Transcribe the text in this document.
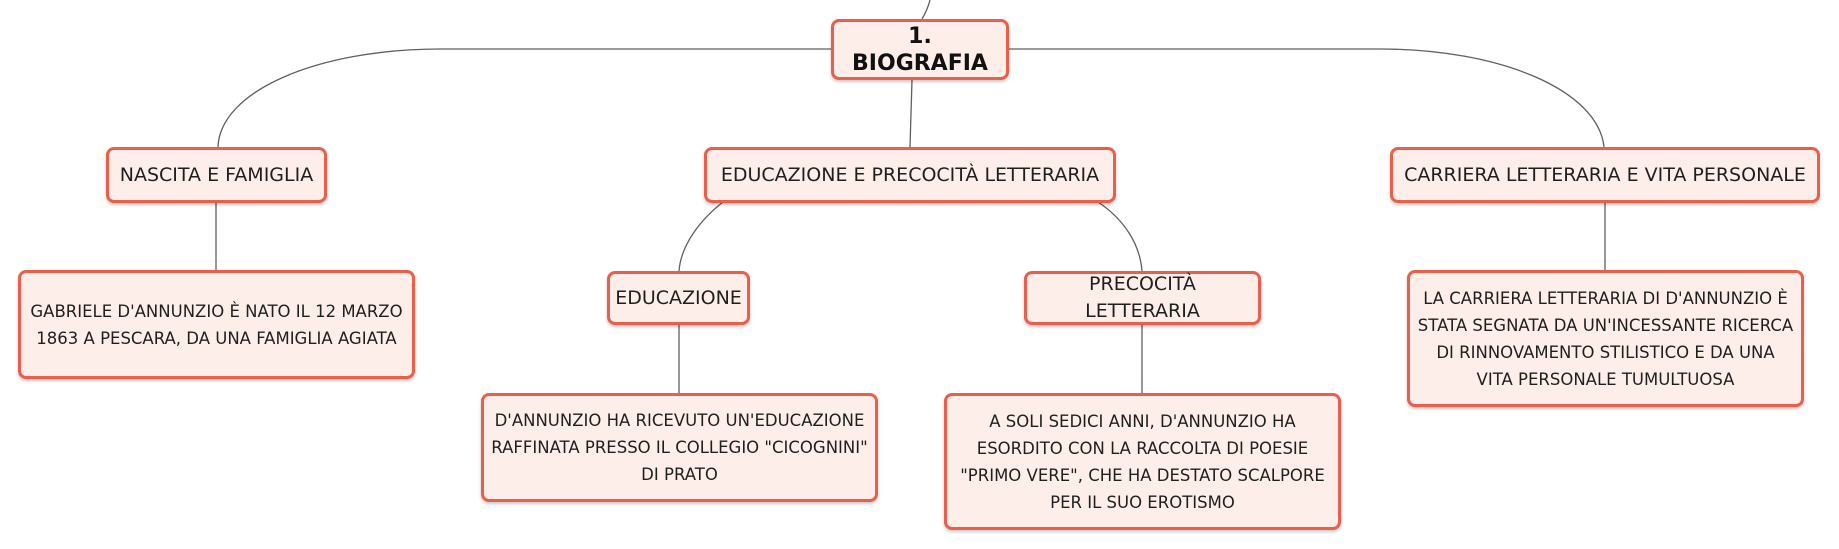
1. BIOGRAFIA
NASCITA E FAMIGLIA	EDUCAZIONE E PRECOCITÀ LETTERARIA	CARRIERA LETTERARIA E VITA PERSONALE
EDUCAZIONE
PRECOCITÀ LETTERARIA
GABRIELE D'ANNUNZIO È NATO IL 12 MARZO 1863 A PESCARA, DA UNA FAMIGLIA AGIATA
D'ANNUNZIO HA RICEVUTO UN'EDUCAZIONE RAFFINATA PRESSO IL COLLEGIO "CICOGNINI" DI PRATO
A SOLI SEDICI ANNI, D'ANNUNZIO HA ESORDITO CON LA RACCOLTA DI POESIE "PRIMO VERE", CHE HA DESTATO SCALPORE PER IL SUO EROTISMO
LA CARRIERA LETTERARIA DI D'ANNUNZIO È STATA SEGNATA DA UN'INCESSANTE RICERCA DI RINNOVAMENTO STILISTICO E DA UNA VITA PERSONALE TUMULTUOSA
